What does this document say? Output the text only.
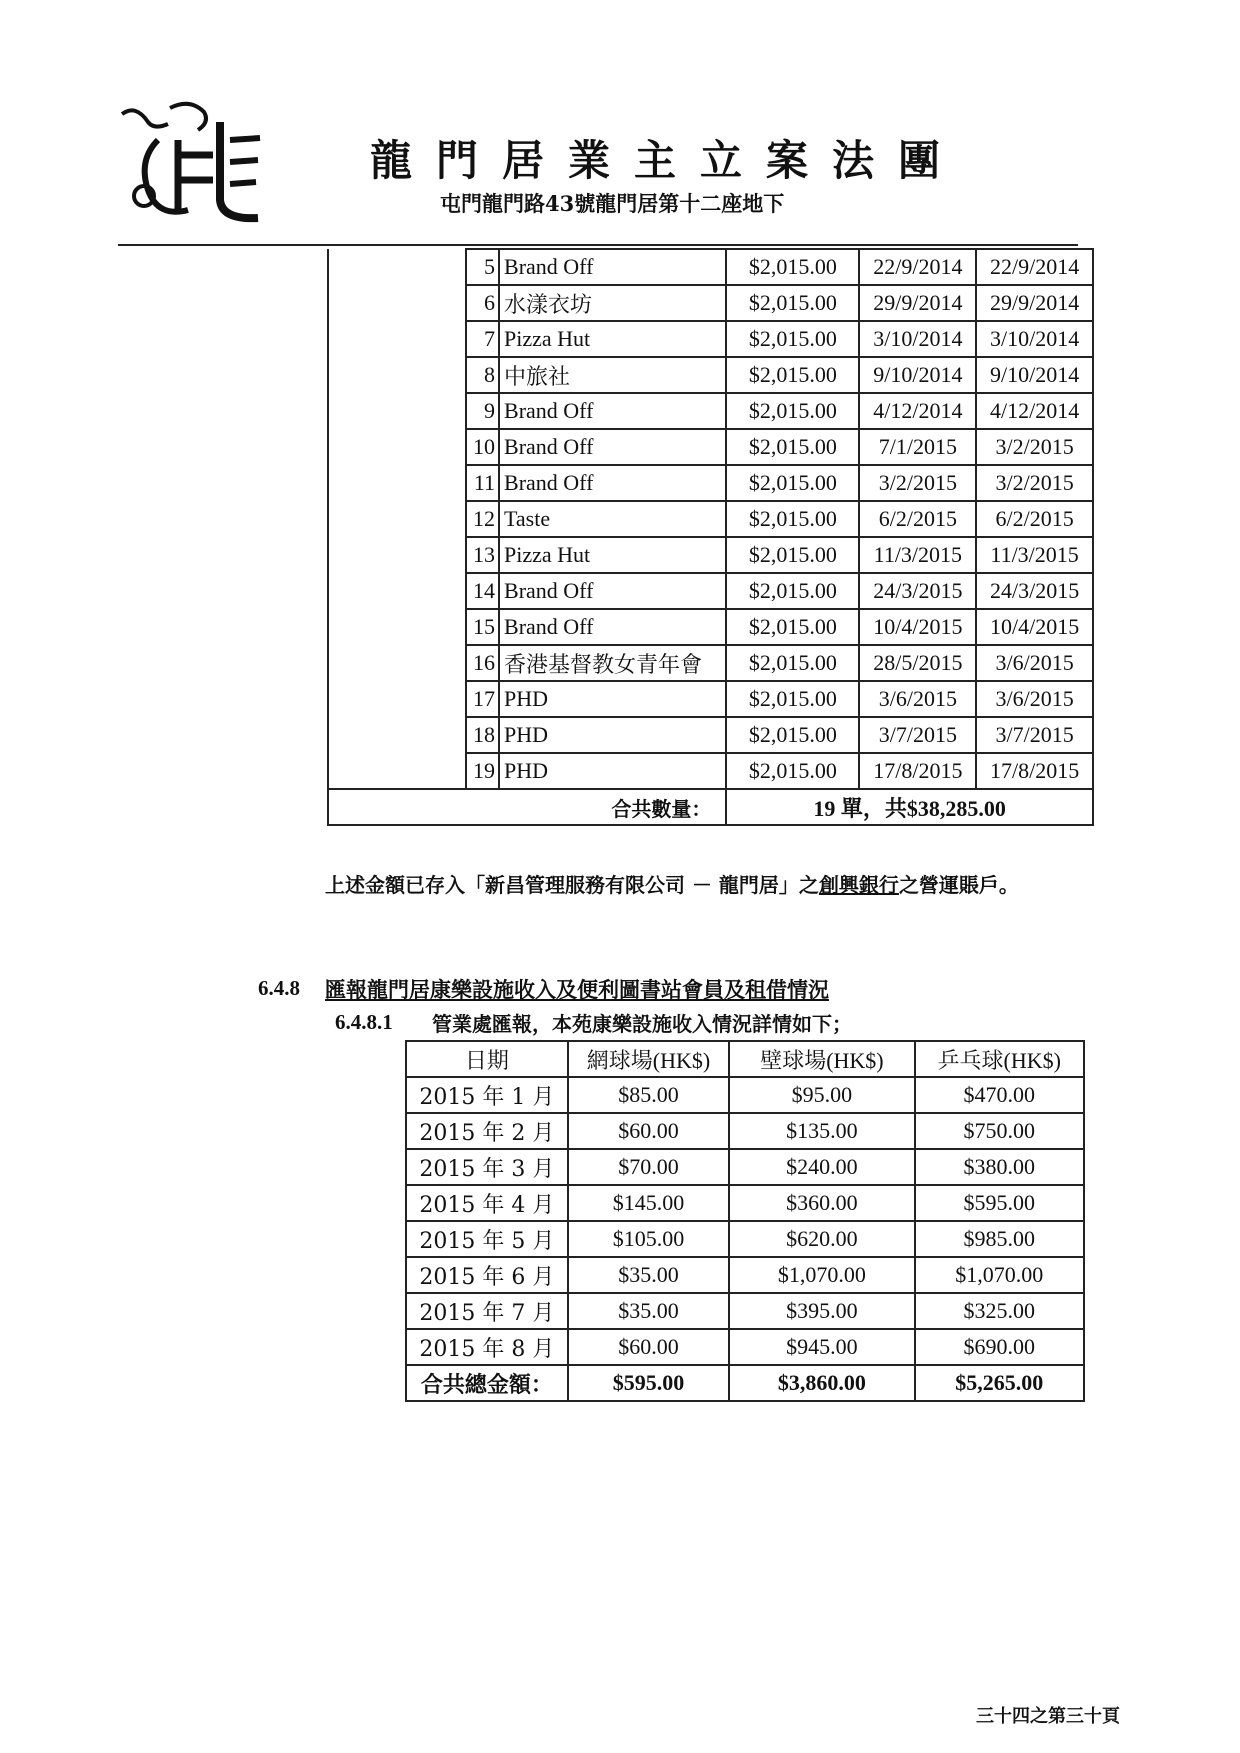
龍門居業主立案法團
屯門龍門路43號龍門居第十二座地下
	5	Brand Off	$2,015.00	22/9/2014	22/9/2014
	6	水漾衣坊	$2,015.00	29/9/2014	29/9/2014
	7	Pizza Hut	$2,015.00	3/10/2014	3/10/2014
	8	中旅社	$2,015.00	9/10/2014	9/10/2014
	9	Brand Off	$2,015.00	4/12/2014	4/12/2014
	10	Brand Off	$2,015.00	7/1/2015	3/2/2015
	11	Brand Off	$2,015.00	3/2/2015	3/2/2015
	12	Taste	$2,015.00	6/2/2015	6/2/2015
	13	Pizza Hut	$2,015.00	11/3/2015	11/3/2015
	14	Brand Off	$2,015.00	24/3/2015	24/3/2015
	15	Brand Off	$2,015.00	10/4/2015	10/4/2015
	16	香港基督教女青年會	$2,015.00	28/5/2015	3/6/2015
	17	PHD	$2,015.00	3/6/2015	3/6/2015
	18	PHD	$2,015.00	3/7/2015	3/7/2015
	19	PHD	$2,015.00	17/8/2015	17/8/2015
合共數量：			19 單，共$38,285.00		

上述金額已存入「新昌管理服務有限公司 － 龍門居」之創興銀行之營運賬戶。

6.4.8 匯報龍門居康樂設施收入及便利圖書站會員及租借情況
6.4.8.1 管業處匯報，本苑康樂設施收入情況詳情如下；
日期	網球場(HK$)	壁球場(HK$)	乒乓球(HK$)
2015 年 1 月	$85.00	$95.00	$470.00
2015 年 2 月	$60.00	$135.00	$750.00
2015 年 3 月	$70.00	$240.00	$380.00
2015 年 4 月	$145.00	$360.00	$595.00
2015 年 5 月	$105.00	$620.00	$985.00
2015 年 6 月	$35.00	$1,070.00	$1,070.00
2015 年 7 月	$35.00	$395.00	$325.00
2015 年 8 月	$60.00	$945.00	$690.00
合共總金額：	$595.00	$3,860.00	$5,265.00
三十四之第三十頁
